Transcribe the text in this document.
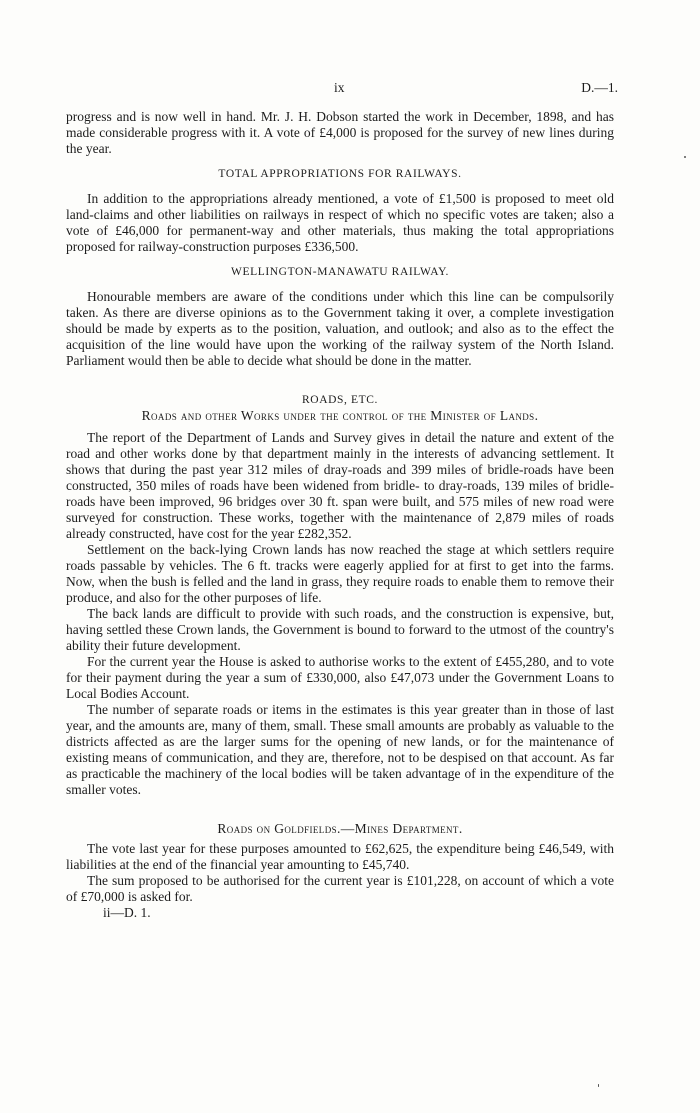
ix	D.—1.

progress and is now well in hand. Mr. J. H. Dobson started the work in December, 1898, and has made considerable progress with it. A vote of £4,000 is proposed for the survey of new lines during the year.

TOTAL APPROPRIATIONS FOR RAILWAYS.

In addition to the appropriations already mentioned, a vote of £1,500 is proposed to meet old land-claims and other liabilities on railways in respect of which no specific votes are taken; also a vote of £46,000 for permanent-way and other materials, thus making the total appropriations proposed for railway-construction purposes £336,500.

WELLINGTON-MANAWATU RAILWAY.

Honourable members are aware of the conditions under which this line can be compulsorily taken. As there are diverse opinions as to the Government taking it over, a complete investigation should be made by experts as to the position, valuation, and outlook; and also as to the effect the acquisition of the line would have upon the working of the railway system of the North Island. Parliament would then be able to decide what should be done in the matter.

ROADS, ETC.
Roads and other Works under the control of the Minister of Lands.

The report of the Department of Lands and Survey gives in detail the nature and extent of the road and other works done by that department mainly in the interests of advancing settlement. It shows that during the past year 312 miles of dray-roads and 399 miles of bridle-roads have been constructed, 350 miles of roads have been widened from bridle- to dray-roads, 139 miles of bridle-roads have been improved, 96 bridges over 30 ft. span were built, and 575 miles of new road were surveyed for construction. These works, together with the maintenance of 2,879 miles of roads already constructed, have cost for the year £282,352.

Settlement on the back-lying Crown lands has now reached the stage at which settlers require roads passable by vehicles. The 6 ft. tracks were eagerly applied for at first to get into the farms. Now, when the bush is felled and the land in grass, they require roads to enable them to remove their produce, and also for the other purposes of life.

The back lands are difficult to provide with such roads, and the construction is expensive, but, having settled these Crown lands, the Government is bound to forward to the utmost of the country's ability their future development.

For the current year the House is asked to authorise works to the extent of £455,280, and to vote for their payment during the year a sum of £330,000, also £47,073 under the Government Loans to Local Bodies Account.

The number of separate roads or items in the estimates is this year greater than in those of last year, and the amounts are, many of them, small. These small amounts are probably as valuable to the districts affected as are the larger sums for the opening of new lands, or for the maintenance of existing means of communication, and they are, therefore, not to be despised on that account. As far as practicable the machinery of the local bodies will be taken advantage of in the expenditure of the smaller votes.

Roads on Goldfields.—Mines Department.

The vote last year for these purposes amounted to £62,625, the expenditure being £46,549, with liabilities at the end of the financial year amounting to £45,740.

The sum proposed to be authorised for the current year is £101,228, on account of which a vote of £70,000 is asked for.

ii—D. 1.
